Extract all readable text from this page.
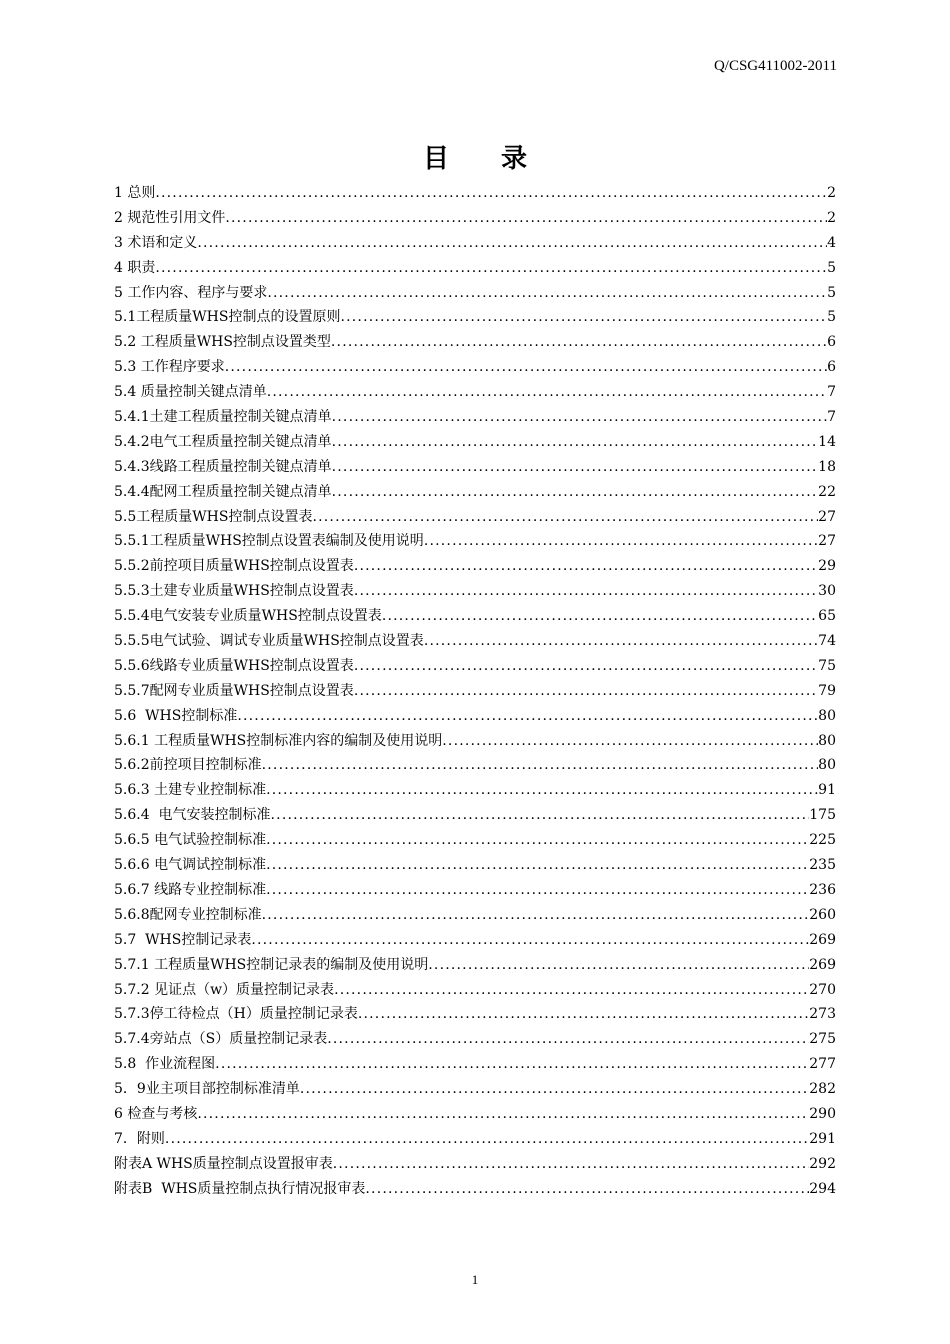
Q/CSG411002-2011
目 录
1 总则 .....	2
2 规范性引用文件 .....	2
3 术语和定义 .....	4
4 职责 .....	5
5 工作内容、程序与要求 .....	5
5.1工程质量WHS控制点的设置原则 .....	5
5.2 工程质量WHS控制点设置类型 .....	6
5.3 工作程序要求 .....	6
5.4 质量控制关键点清单 .....	7
5.4.1土建工程质量控制关键点清单 .....	7
5.4.2电气工程质量控制关键点清单 .....	14
5.4.3线路工程质量控制关键点清单 .....	18
5.4.4配网工程质量控制关键点清单 .....	22
5.5工程质量WHS控制点设置表 .....	27
5.5.1工程质量WHS控制点设置表编制及使用说明 .....	27
5.5.2前控项目质量WHS控制点设置表 .....	29
5.5.3土建专业质量WHS控制点设置表 .....	30
5.5.4电气安装专业质量WHS控制点设置表 .....	65
5.5.5电气试验、调试专业质量WHS控制点设置表 .....	74
5.5.6线路专业质量WHS控制点设置表 .....	75
5.5.7配网专业质量WHS控制点设置表 .....	79
5.6  WHS控制标准 .....	80
5.6.1 工程质量WHS控制标准内容的编制及使用说明 .....	80
5.6.2前控项目控制标准 .....	80
5.6.3 土建专业控制标准 .....	91
5.6.4  电气安装控制标准 .....	175
5.6.5 电气试验控制标准 .....	225
5.6.6 电气调试控制标准 .....	235
5.6.7 线路专业控制标准 .....	236
5.6.8配网专业控制标准 .....	260
5.7  WHS控制记录表 .....	269
5.7.1 工程质量WHS控制记录表的编制及使用说明 .....	269
5.7.2 见证点（w）质量控制记录表 .....	270
5.7.3停工待检点（H）质量控制记录表 .....	273
5.7.4旁站点（S）质量控制记录表 .....	275
5.8  作业流程图 .....	277
5．9业主项目部控制标准清单 .....	282
6 检查与考核 .....	290
7．附则 .....	291
附表A WHS质量控制点设置报审表 .....	292
附表B  WHS质量控制点执行情况报审表 .....	294
1
